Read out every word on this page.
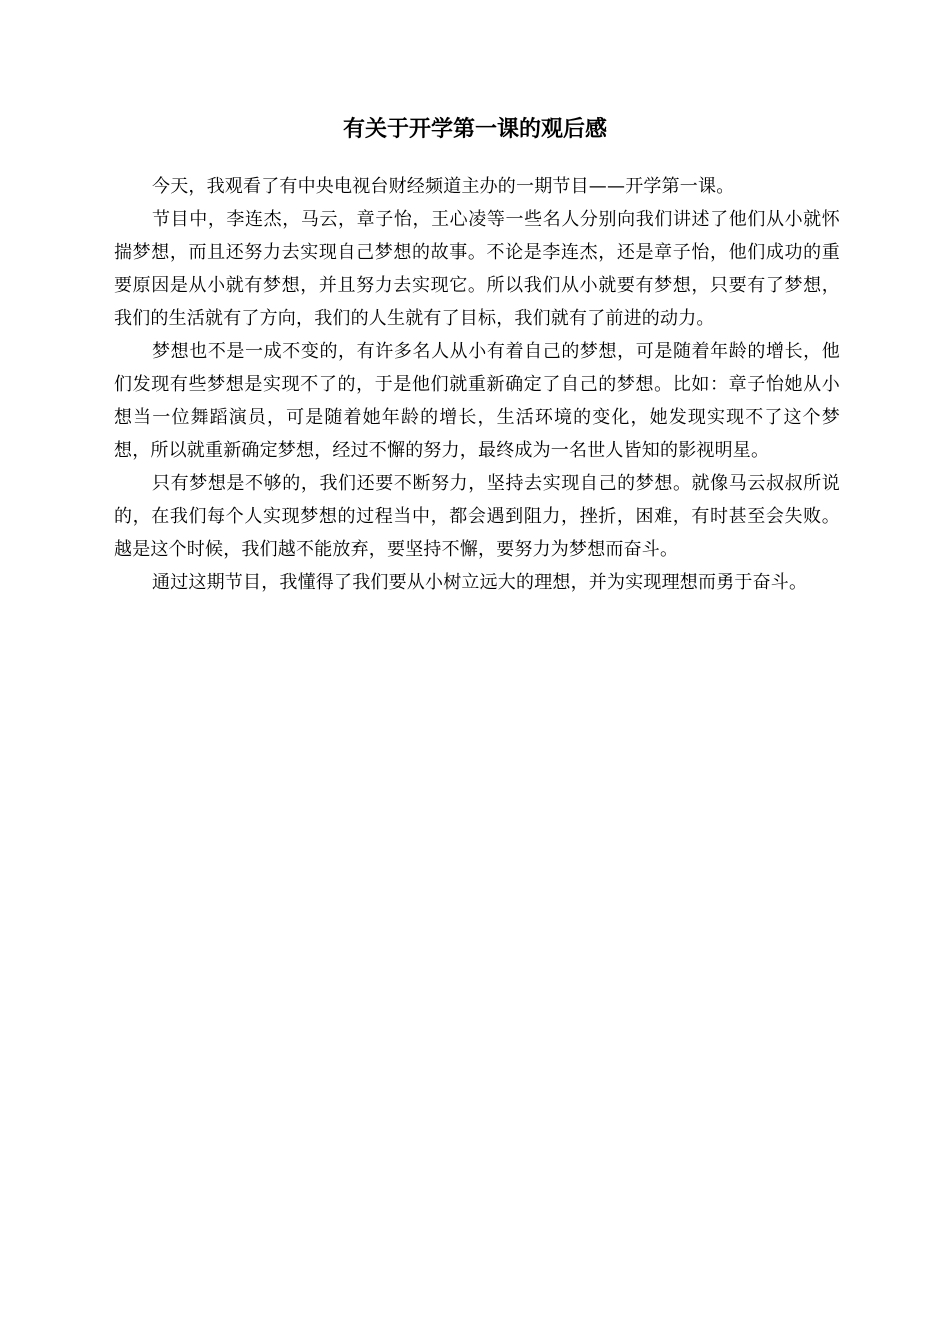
有关于开学第一课的观后感

今天，我观看了有中央电视台财经频道主办的一期节目——开学第一课。

节目中，李连杰，马云，章子怡，王心凌等一些名人分别向我们讲述了他们从小就怀揣梦想，而且还努力去实现自己梦想的故事。不论是李连杰，还是章子怡，他们成功的重要原因是从小就有梦想，并且努力去实现它。所以我们从小就要有梦想，只要有了梦想，我们的生活就有了方向，我们的人生就有了目标，我们就有了前进的动力。

梦想也不是一成不变的，有许多名人从小有着自己的梦想，可是随着年龄的增长，他们发现有些梦想是实现不了的，于是他们就重新确定了自己的梦想。比如：章子怡她从小想当一位舞蹈演员，可是随着她年龄的增长，生活环境的变化，她发现实现不了这个梦想，所以就重新确定梦想，经过不懈的努力，最终成为一名世人皆知的影视明星。

只有梦想是不够的，我们还要不断努力，坚持去实现自己的梦想。就像马云叔叔所说的，在我们每个人实现梦想的过程当中，都会遇到阻力，挫折，困难，有时甚至会失败。越是这个时候，我们越不能放弃，要坚持不懈，要努力为梦想而奋斗。

通过这期节目，我懂得了我们要从小树立远大的理想，并为实现理想而勇于奋斗。
